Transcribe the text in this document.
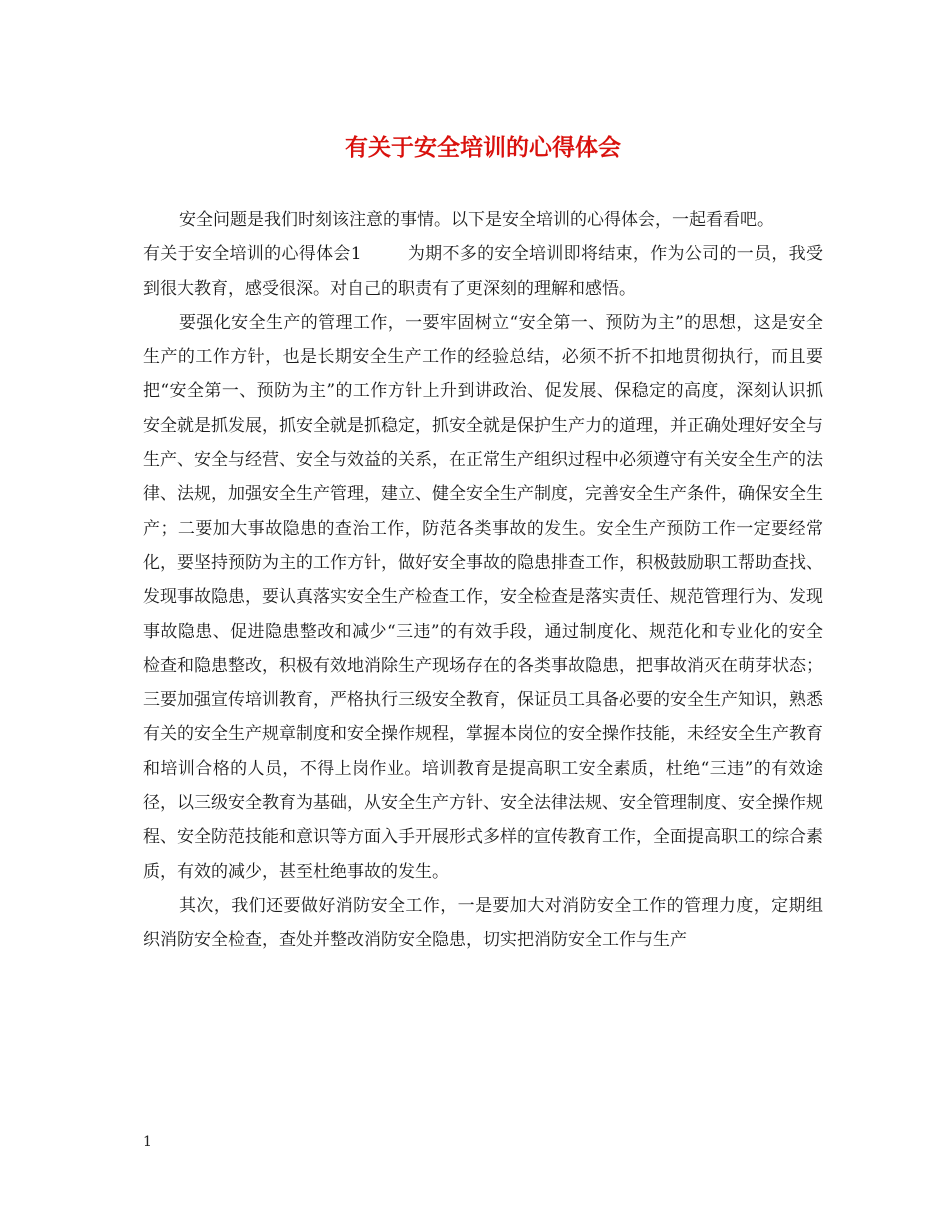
有关于安全培训的心得体会

安全问题是我们时刻该注意的事情。以下是安全培训的心得体会，一起看看吧。

有关于安全培训的心得体会1	为期不多的安全培训即将结束，作为公司的一员，我受到很大教育，感受很深。对自己的职责有了更深刻的理解和感悟。

要强化安全生产的管理工作，一要牢固树立“安全第一、预防为主”的思想，这是安全生产的工作方针，也是长期安全生产工作的经验总结，必须不折不扣地贯彻执行，而且要把“安全第一、预防为主”的工作方针上升到讲政治、促发展、保稳定的高度，深刻认识抓安全就是抓发展，抓安全就是抓稳定，抓安全就是保护生产力的道理，并正确处理好安全与生产、安全与经营、安全与效益的关系，在正常生产组织过程中必须遵守有关安全生产的法律、法规，加强安全生产管理，建立、健全安全生产制度，完善安全生产条件，确保安全生产；二要加大事故隐患的查治工作，防范各类事故的发生。安全生产预防工作一定要经常化，要坚持预防为主的工作方针，做好安全事故的隐患排查工作，积极鼓励职工帮助查找、发现事故隐患，要认真落实安全生产检查工作，安全检查是落实责任、规范管理行为、发现事故隐患、促进隐患整改和减少“三违”的有效手段，通过制度化、规范化和专业化的安全检查和隐患整改，积极有效地消除生产现场存在的各类事故隐患，把事故消灭在萌芽状态；三要加强宣传培训教育，严格执行三级安全教育，保证员工具备必要的安全生产知识，熟悉有关的安全生产规章制度和安全操作规程，掌握本岗位的安全操作技能，未经安全生产教育和培训合格的人员，不得上岗作业。培训教育是提高职工安全素质，杜绝“三违”的有效途径，以三级安全教育为基础，从安全生产方针、安全法律法规、安全管理制度、安全操作规程、安全防范技能和意识等方面入手开展形式多样的宣传教育工作，全面提高职工的综合素质，有效的减少，甚至杜绝事故的发生。

其次，我们还要做好消防安全工作，一是要加大对消防安全工作的管理力度，定期组织消防安全检查，查处并整改消防安全隐患，切实把消防安全工作与生产

1
